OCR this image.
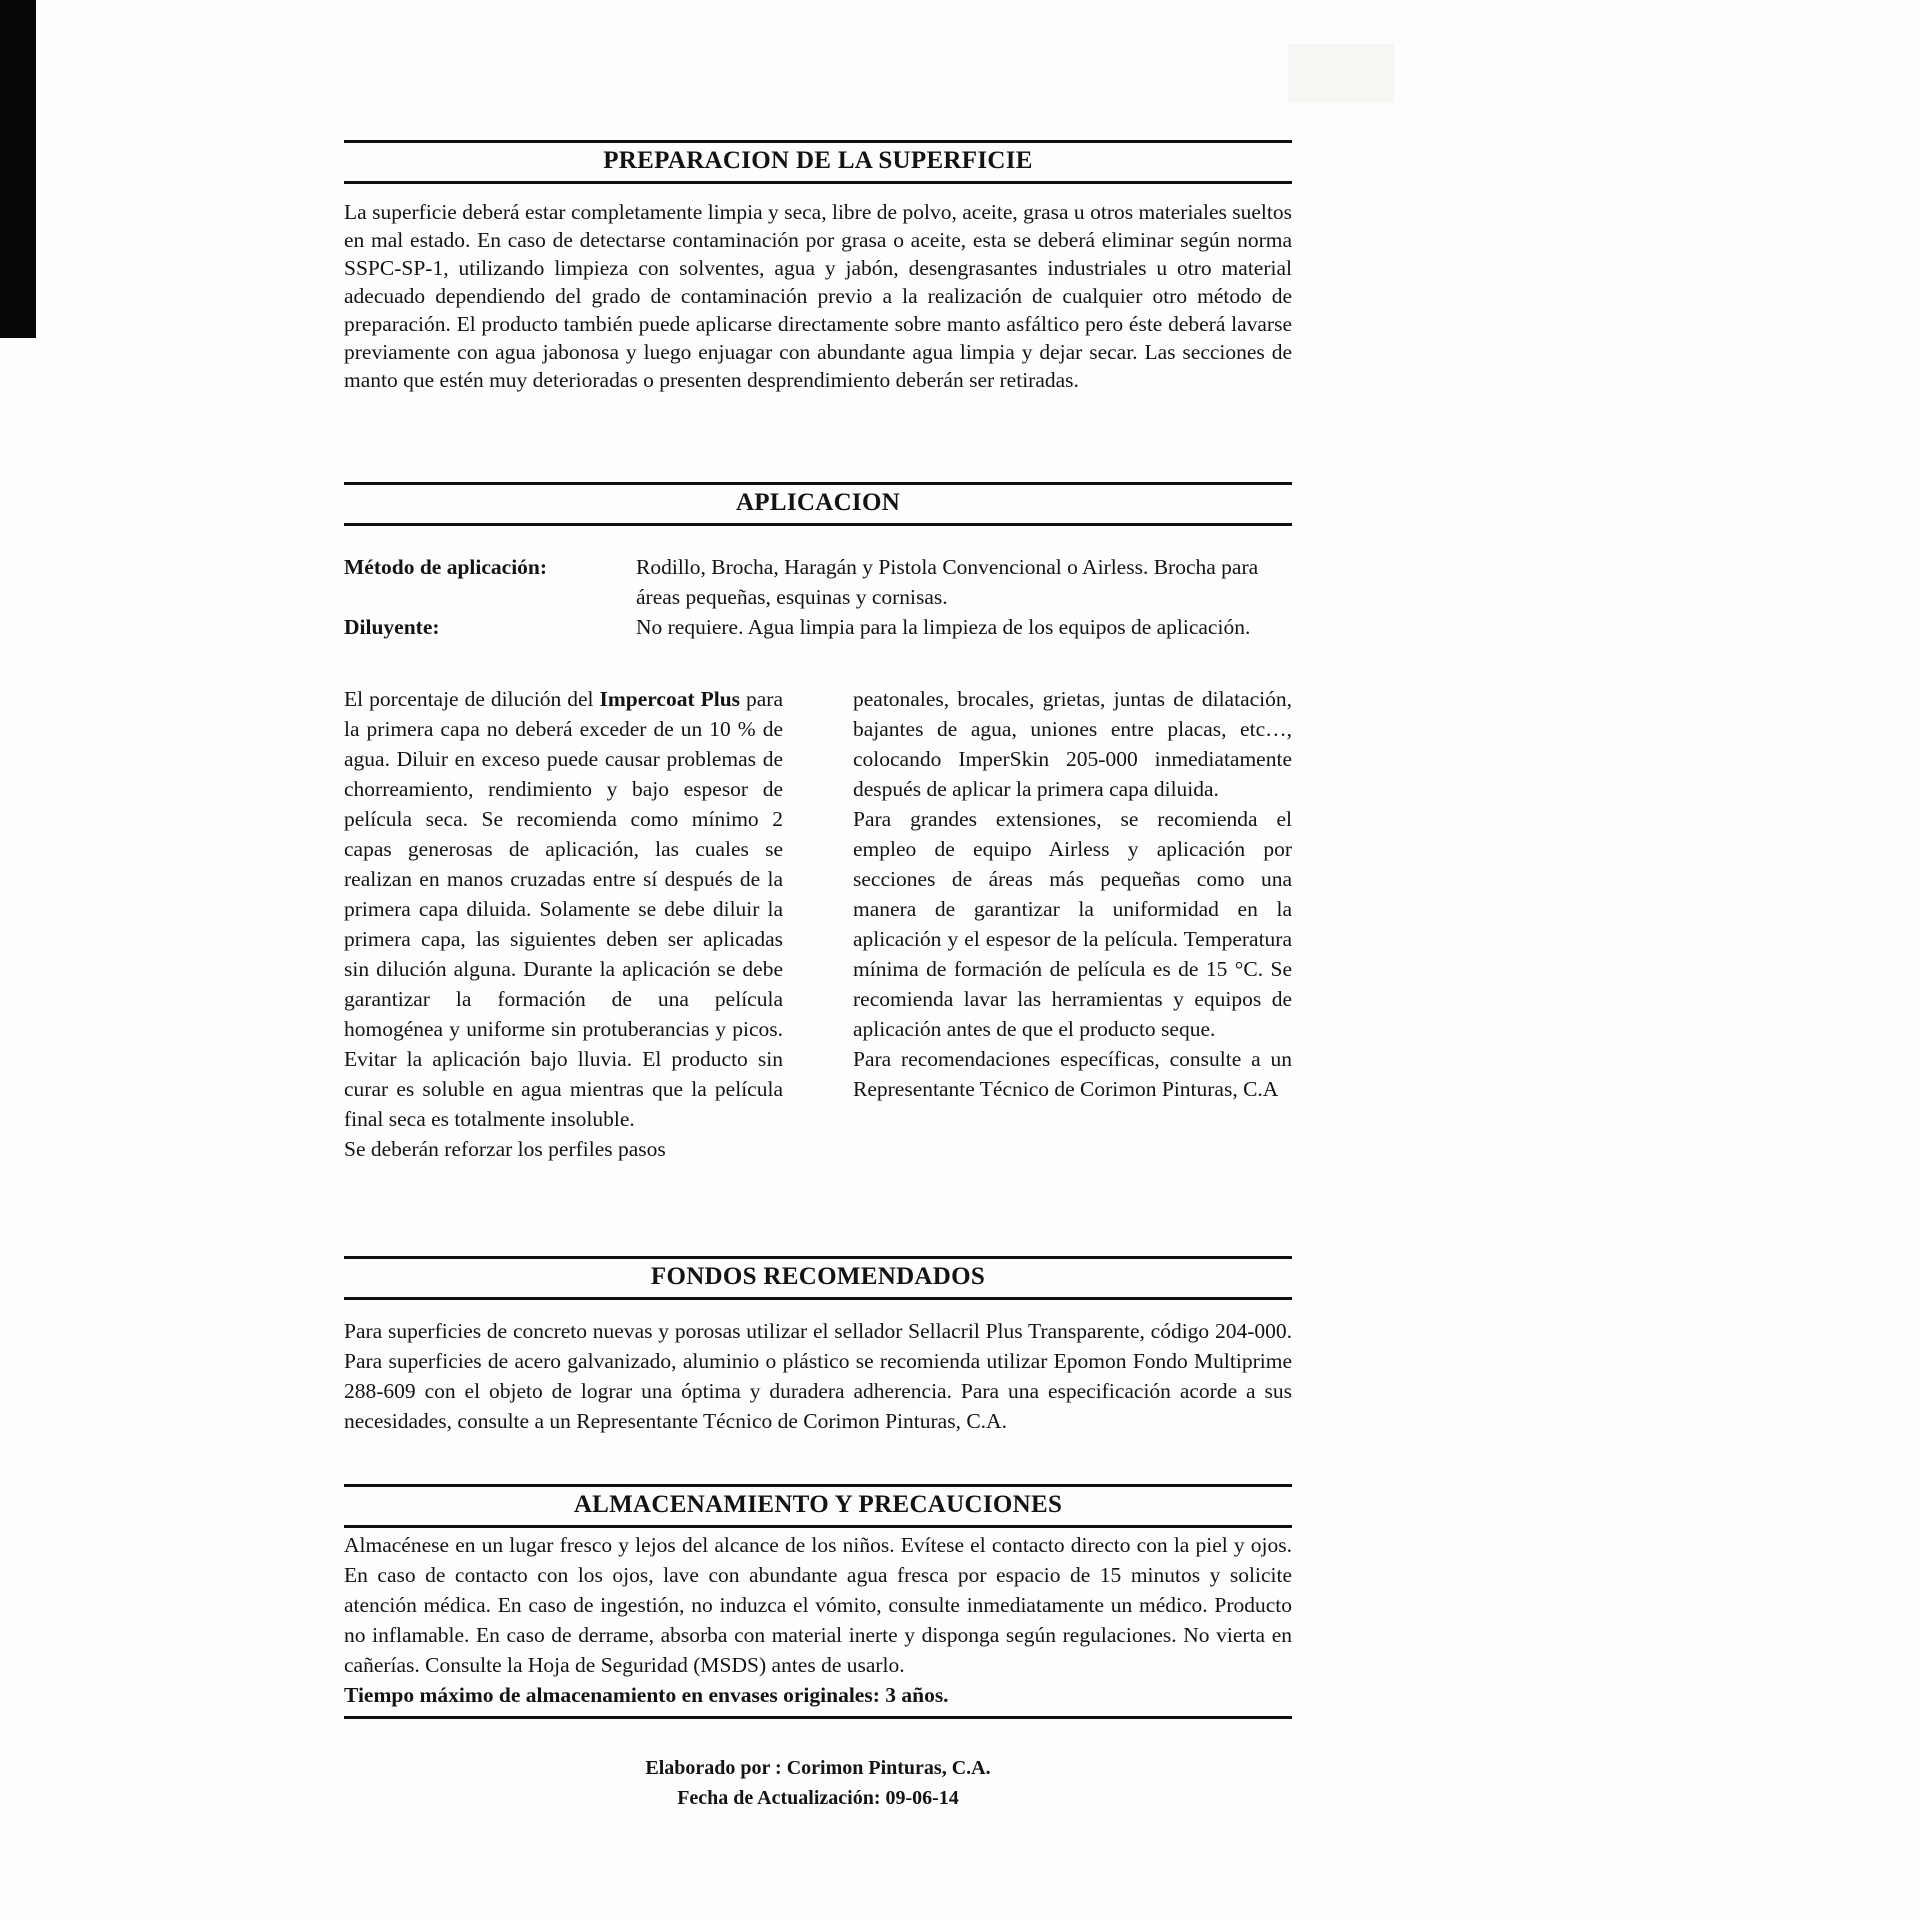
PREPARACION DE LA SUPERFICIE

La superficie deberá estar completamente limpia y seca, libre de polvo, aceite, grasa u otros materiales sueltos en mal estado. En caso de detectarse contaminación por grasa o aceite, esta se deberá eliminar según norma SSPC-SP-1, utilizando limpieza con solventes, agua y jabón, desengrasantes industriales u otro material adecuado dependiendo del grado de contaminación previo a la realización de cualquier otro método de preparación. El producto también puede aplicarse directamente sobre manto asfáltico pero éste deberá lavarse previamente con agua jabonosa y luego enjuagar con abundante agua limpia y dejar secar. Las secciones de manto que estén muy deterioradas o presenten desprendimiento deberán ser retiradas.

APLICACION
Método de aplicación:	Rodillo, Brocha, Haragán y Pistola Convencional o Airless. Brocha para áreas pequeñas, esquinas y cornisas.
Diluyente:	No requiere. Agua limpia para la limpieza de los equipos de aplicación.

El porcentaje de dilución del Impercoat Plus para la primera capa no deberá exceder de un 10 % de agua. Diluir en exceso puede causar problemas de chorreamiento, rendimiento y bajo espesor de película seca. Se recomienda como mínimo 2 capas generosas de aplicación, las cuales se realizan en manos cruzadas entre sí después de la primera capa diluida. Solamente se debe diluir la primera capa, las siguientes deben ser aplicadas sin dilución alguna. Durante la aplicación se debe garantizar la formación de una película homogénea y uniforme sin protuberancias y picos. Evitar la aplicación bajo lluvia. El producto sin curar es soluble en agua mientras que la película final seca es totalmente insoluble.

Se deberán reforzar los perfiles pasos

peatonales, brocales, grietas, juntas de dilatación, bajantes de agua, uniones entre placas, etc…, colocando ImperSkin 205-000 inmediatamente después de aplicar la primera capa diluida.

Para grandes extensiones, se recomienda el empleo de equipo Airless y aplicación por secciones de áreas más pequeñas como una manera de garantizar la uniformidad en la aplicación y el espesor de la película. Temperatura mínima de formación de película es de 15 °C. Se recomienda lavar las herramientas y equipos de aplicación antes de que el producto seque.

Para recomendaciones específicas, consulte a un Representante Técnico de Corimon Pinturas, C.A

FONDOS RECOMENDADOS

Para superficies de concreto nuevas y porosas utilizar el sellador Sellacril Plus Transparente, código 204-000. Para superficies de acero galvanizado, aluminio o plástico se recomienda utilizar Epomon Fondo Multiprime 288-609 con el objeto de lograr una óptima y duradera adherencia. Para una especificación acorde a sus necesidades, consulte a un Representante Técnico de Corimon Pinturas, C.A.

ALMACENAMIENTO Y PRECAUCIONES

Almacénese en un lugar fresco y lejos del alcance de los niños. Evítese el contacto directo con la piel y ojos. En caso de contacto con los ojos, lave con abundante agua fresca por espacio de 15 minutos y solicite atención médica. En caso de ingestión, no induzca el vómito, consulte inmediatamente un médico. Producto no inflamable. En caso de derrame, absorba con material inerte y disponga según regulaciones. No vierta en cañerías. Consulte la Hoja de Seguridad (MSDS) antes de usarlo.

Tiempo máximo de almacenamiento en envases originales: 3 años.
Elaborado por : Corimon Pinturas, C.A.
Fecha de Actualización: 09-06-14
